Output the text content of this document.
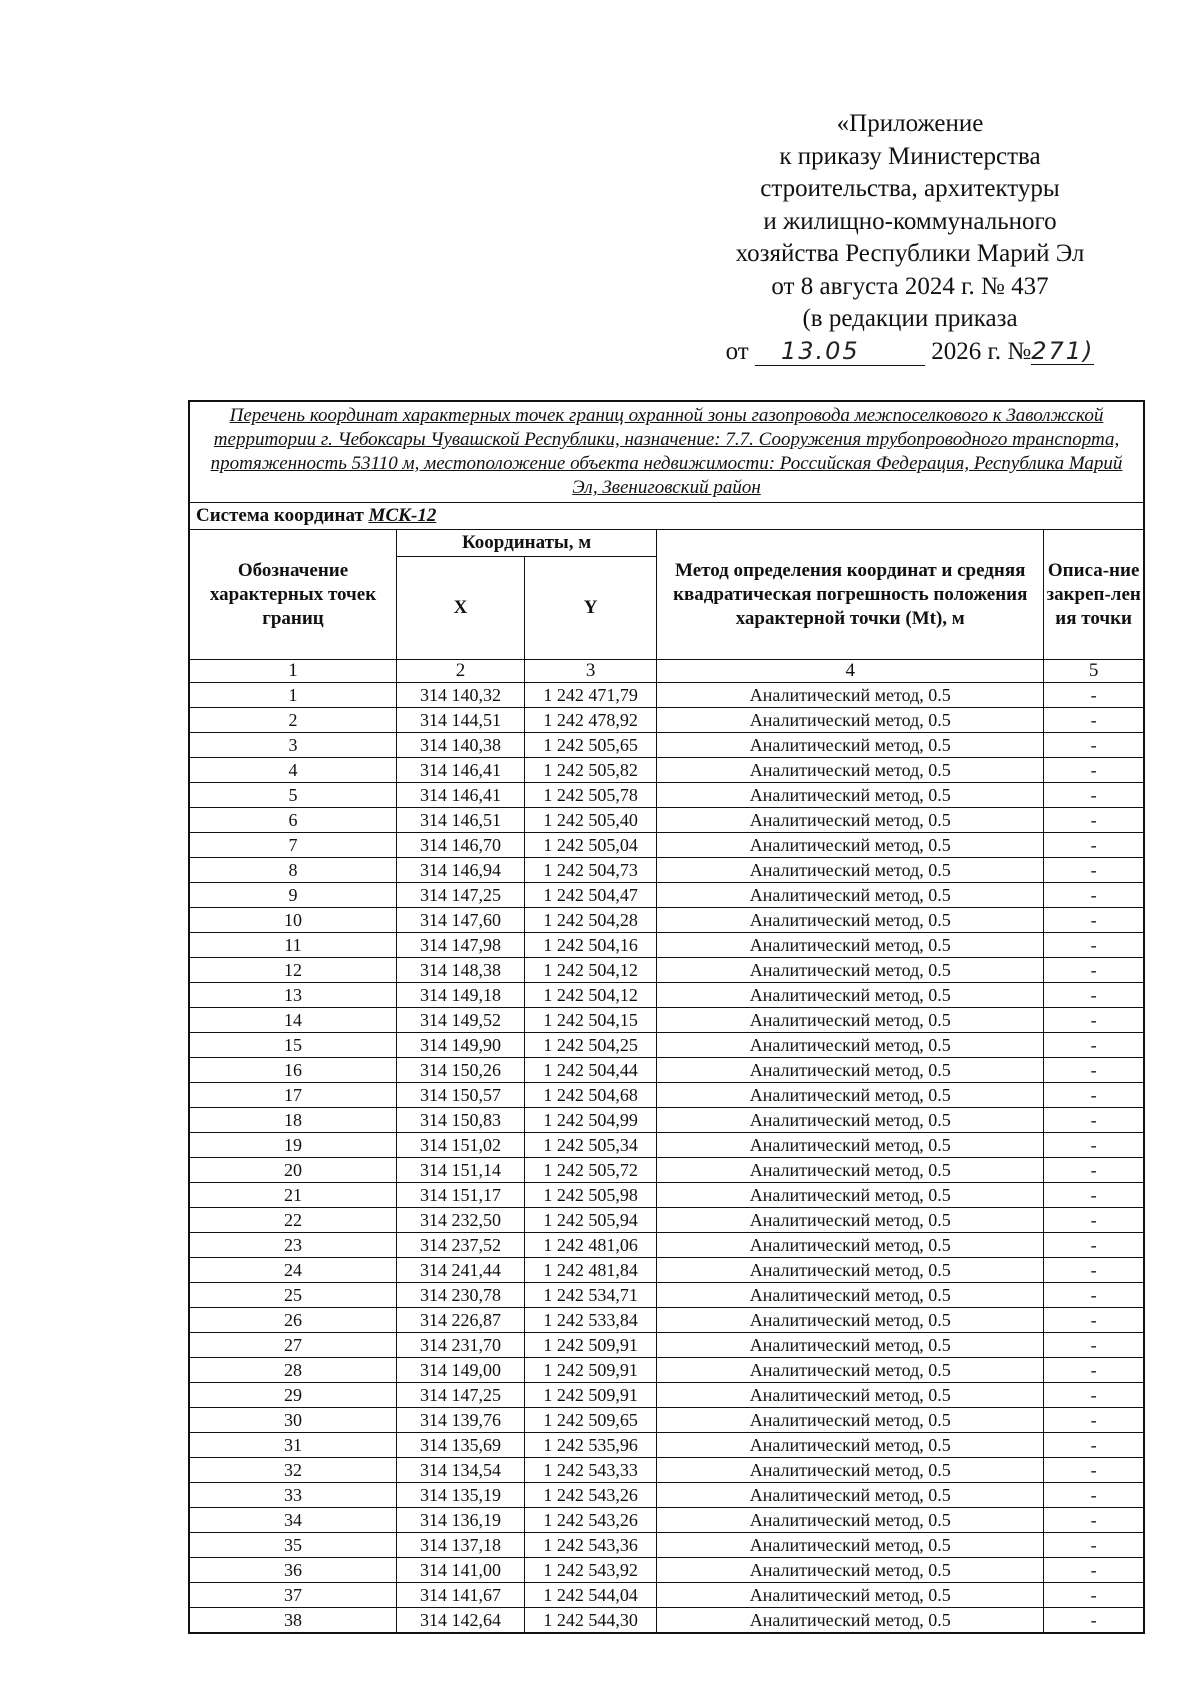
«Приложение
к приказу Министерства
строительства, архитектуры
и жилищно-коммунального
хозяйства Республики Марий Эл
от 8 августа 2024 г. № 437
(в редакции приказа
от 13.05	2026 г. №271)
Перечень координат характерных точек границ охранной зоны газопровода межпоселкового к Заволжской территории г. Чебоксары Чувашской Республики, назначение: 7.7. Сооружения трубопроводного транспорта, протяженность 53110 м, местоположение объекта недвижимости: Российская Федерация, Республика Марий Эл, Звениговский район				
Система координат МСК-12				
Обозначение характерных точек границ	Координаты, м		Метод определения координат и средняя квадратическая погрешность положения характерной точки (Mt), м	Описа-ние закреп-ления точки
	X	Y		
1	2	3	4	5
1	314 140,32	1 242 471,79	Аналитический метод, 0.5	-
2	314 144,51	1 242 478,92	Аналитический метод, 0.5	-
3	314 140,38	1 242 505,65	Аналитический метод, 0.5	-
4	314 146,41	1 242 505,82	Аналитический метод, 0.5	-
5	314 146,41	1 242 505,78	Аналитический метод, 0.5	-
6	314 146,51	1 242 505,40	Аналитический метод, 0.5	-
7	314 146,70	1 242 505,04	Аналитический метод, 0.5	-
8	314 146,94	1 242 504,73	Аналитический метод, 0.5	-
9	314 147,25	1 242 504,47	Аналитический метод, 0.5	-
10	314 147,60	1 242 504,28	Аналитический метод, 0.5	-
11	314 147,98	1 242 504,16	Аналитический метод, 0.5	-
12	314 148,38	1 242 504,12	Аналитический метод, 0.5	-
13	314 149,18	1 242 504,12	Аналитический метод, 0.5	-
14	314 149,52	1 242 504,15	Аналитический метод, 0.5	-
15	314 149,90	1 242 504,25	Аналитический метод, 0.5	-
16	314 150,26	1 242 504,44	Аналитический метод, 0.5	-
17	314 150,57	1 242 504,68	Аналитический метод, 0.5	-
18	314 150,83	1 242 504,99	Аналитический метод, 0.5	-
19	314 151,02	1 242 505,34	Аналитический метод, 0.5	-
20	314 151,14	1 242 505,72	Аналитический метод, 0.5	-
21	314 151,17	1 242 505,98	Аналитический метод, 0.5	-
22	314 232,50	1 242 505,94	Аналитический метод, 0.5	-
23	314 237,52	1 242 481,06	Аналитический метод, 0.5	-
24	314 241,44	1 242 481,84	Аналитический метод, 0.5	-
25	314 230,78	1 242 534,71	Аналитический метод, 0.5	-
26	314 226,87	1 242 533,84	Аналитический метод, 0.5	-
27	314 231,70	1 242 509,91	Аналитический метод, 0.5	-
28	314 149,00	1 242 509,91	Аналитический метод, 0.5	-
29	314 147,25	1 242 509,91	Аналитический метод, 0.5	-
30	314 139,76	1 242 509,65	Аналитический метод, 0.5	-
31	314 135,69	1 242 535,96	Аналитический метод, 0.5	-
32	314 134,54	1 242 543,33	Аналитический метод, 0.5	-
33	314 135,19	1 242 543,26	Аналитический метод, 0.5	-
34	314 136,19	1 242 543,26	Аналитический метод, 0.5	-
35	314 137,18	1 242 543,36	Аналитический метод, 0.5	-
36	314 141,00	1 242 543,92	Аналитический метод, 0.5	-
37	314 141,67	1 242 544,04	Аналитический метод, 0.5	-
38	314 142,64	1 242 544,30	Аналитический метод, 0.5	-
